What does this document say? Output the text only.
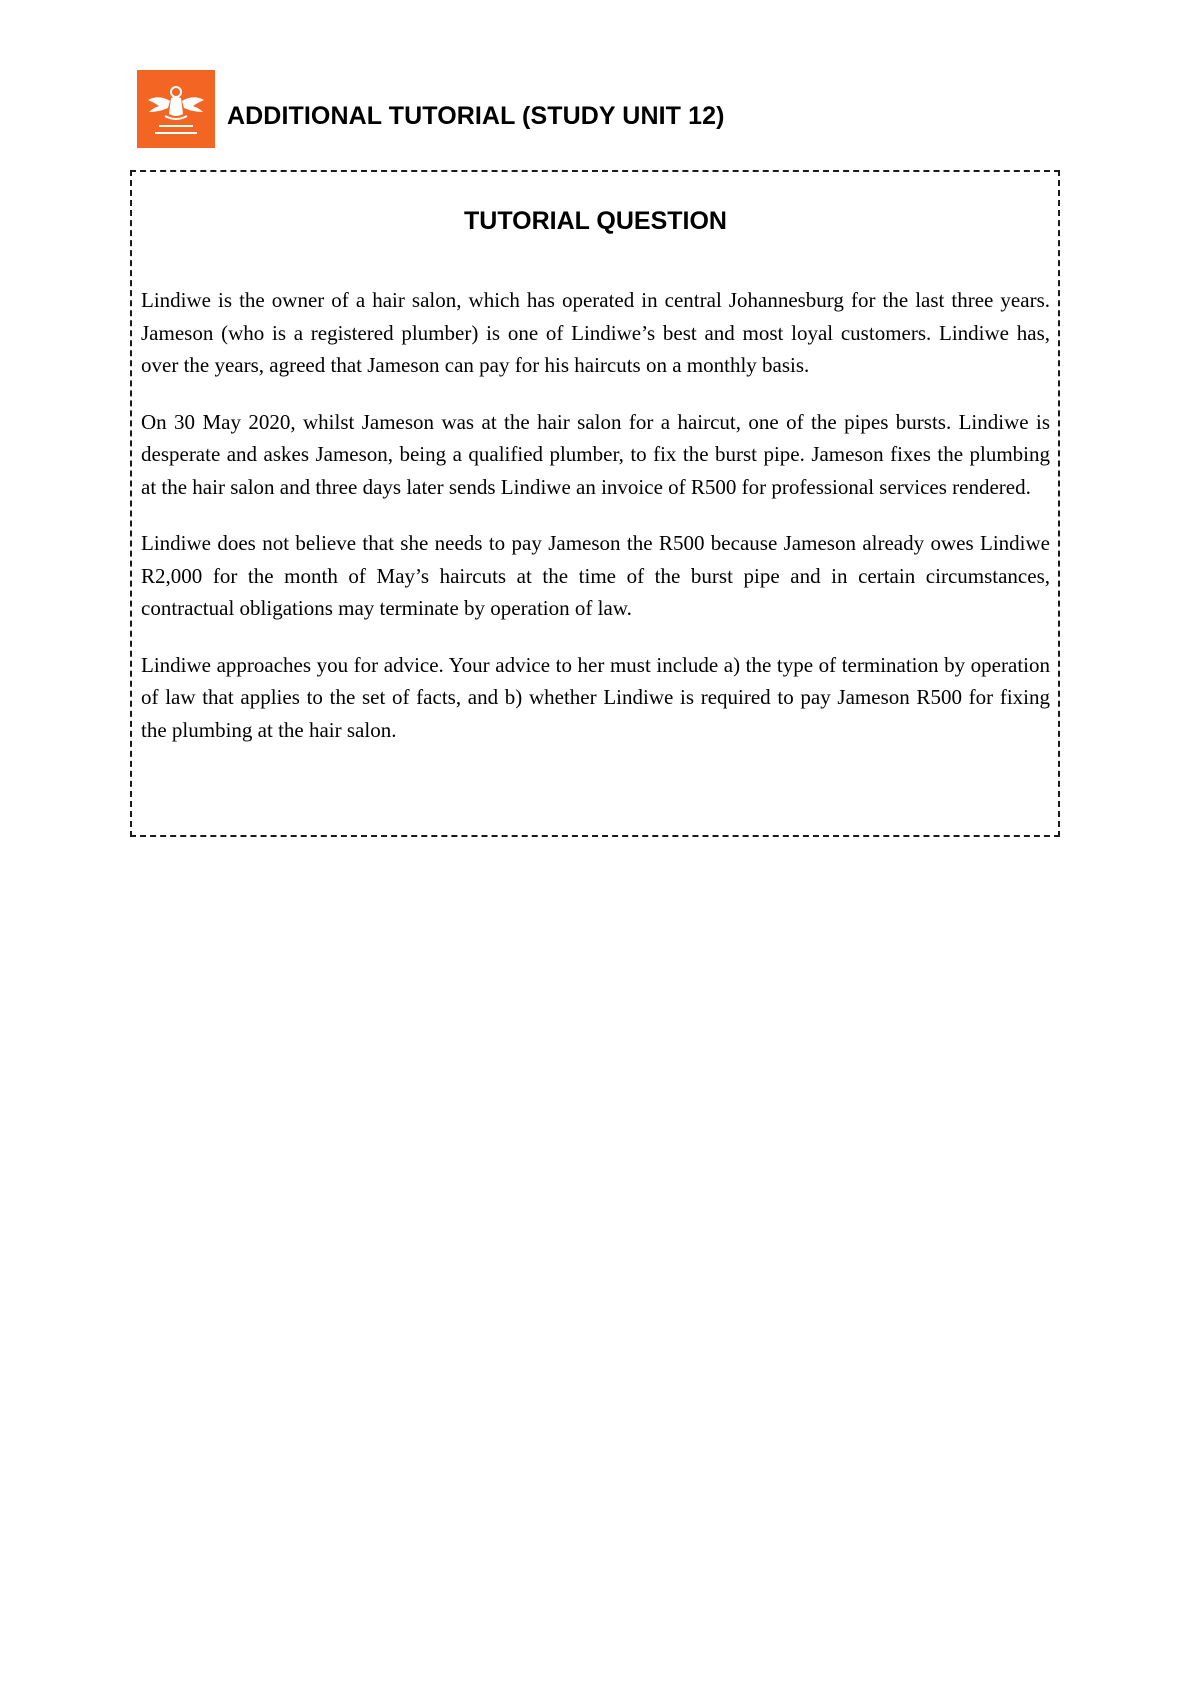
ADDITIONAL TUTORIAL (STUDY UNIT 12)
TUTORIAL QUESTION

Lindiwe is the owner of a hair salon, which has operated in central Johannesburg for the last three years. Jameson (who is a registered plumber) is one of Lindiwe’s best and most loyal customers. Lindiwe has, over the years, agreed that Jameson can pay for his haircuts on a monthly basis.

On 30 May 2020, whilst Jameson was at the hair salon for a haircut, one of the pipes bursts. Lindiwe is desperate and askes Jameson, being a qualified plumber, to fix the burst pipe. Jameson fixes the plumbing at the hair salon and three days later sends Lindiwe an invoice of R500 for professional services rendered.

Lindiwe does not believe that she needs to pay Jameson the R500 because Jameson already owes Lindiwe R2,000 for the month of May’s haircuts at the time of the burst pipe and in certain circumstances, contractual obligations may terminate by operation of law.

Lindiwe approaches you for advice. Your advice to her must include a) the type of termination by operation of law that applies to the set of facts, and b) whether Lindiwe is required to pay Jameson R500 for fixing the plumbing at the hair salon.
